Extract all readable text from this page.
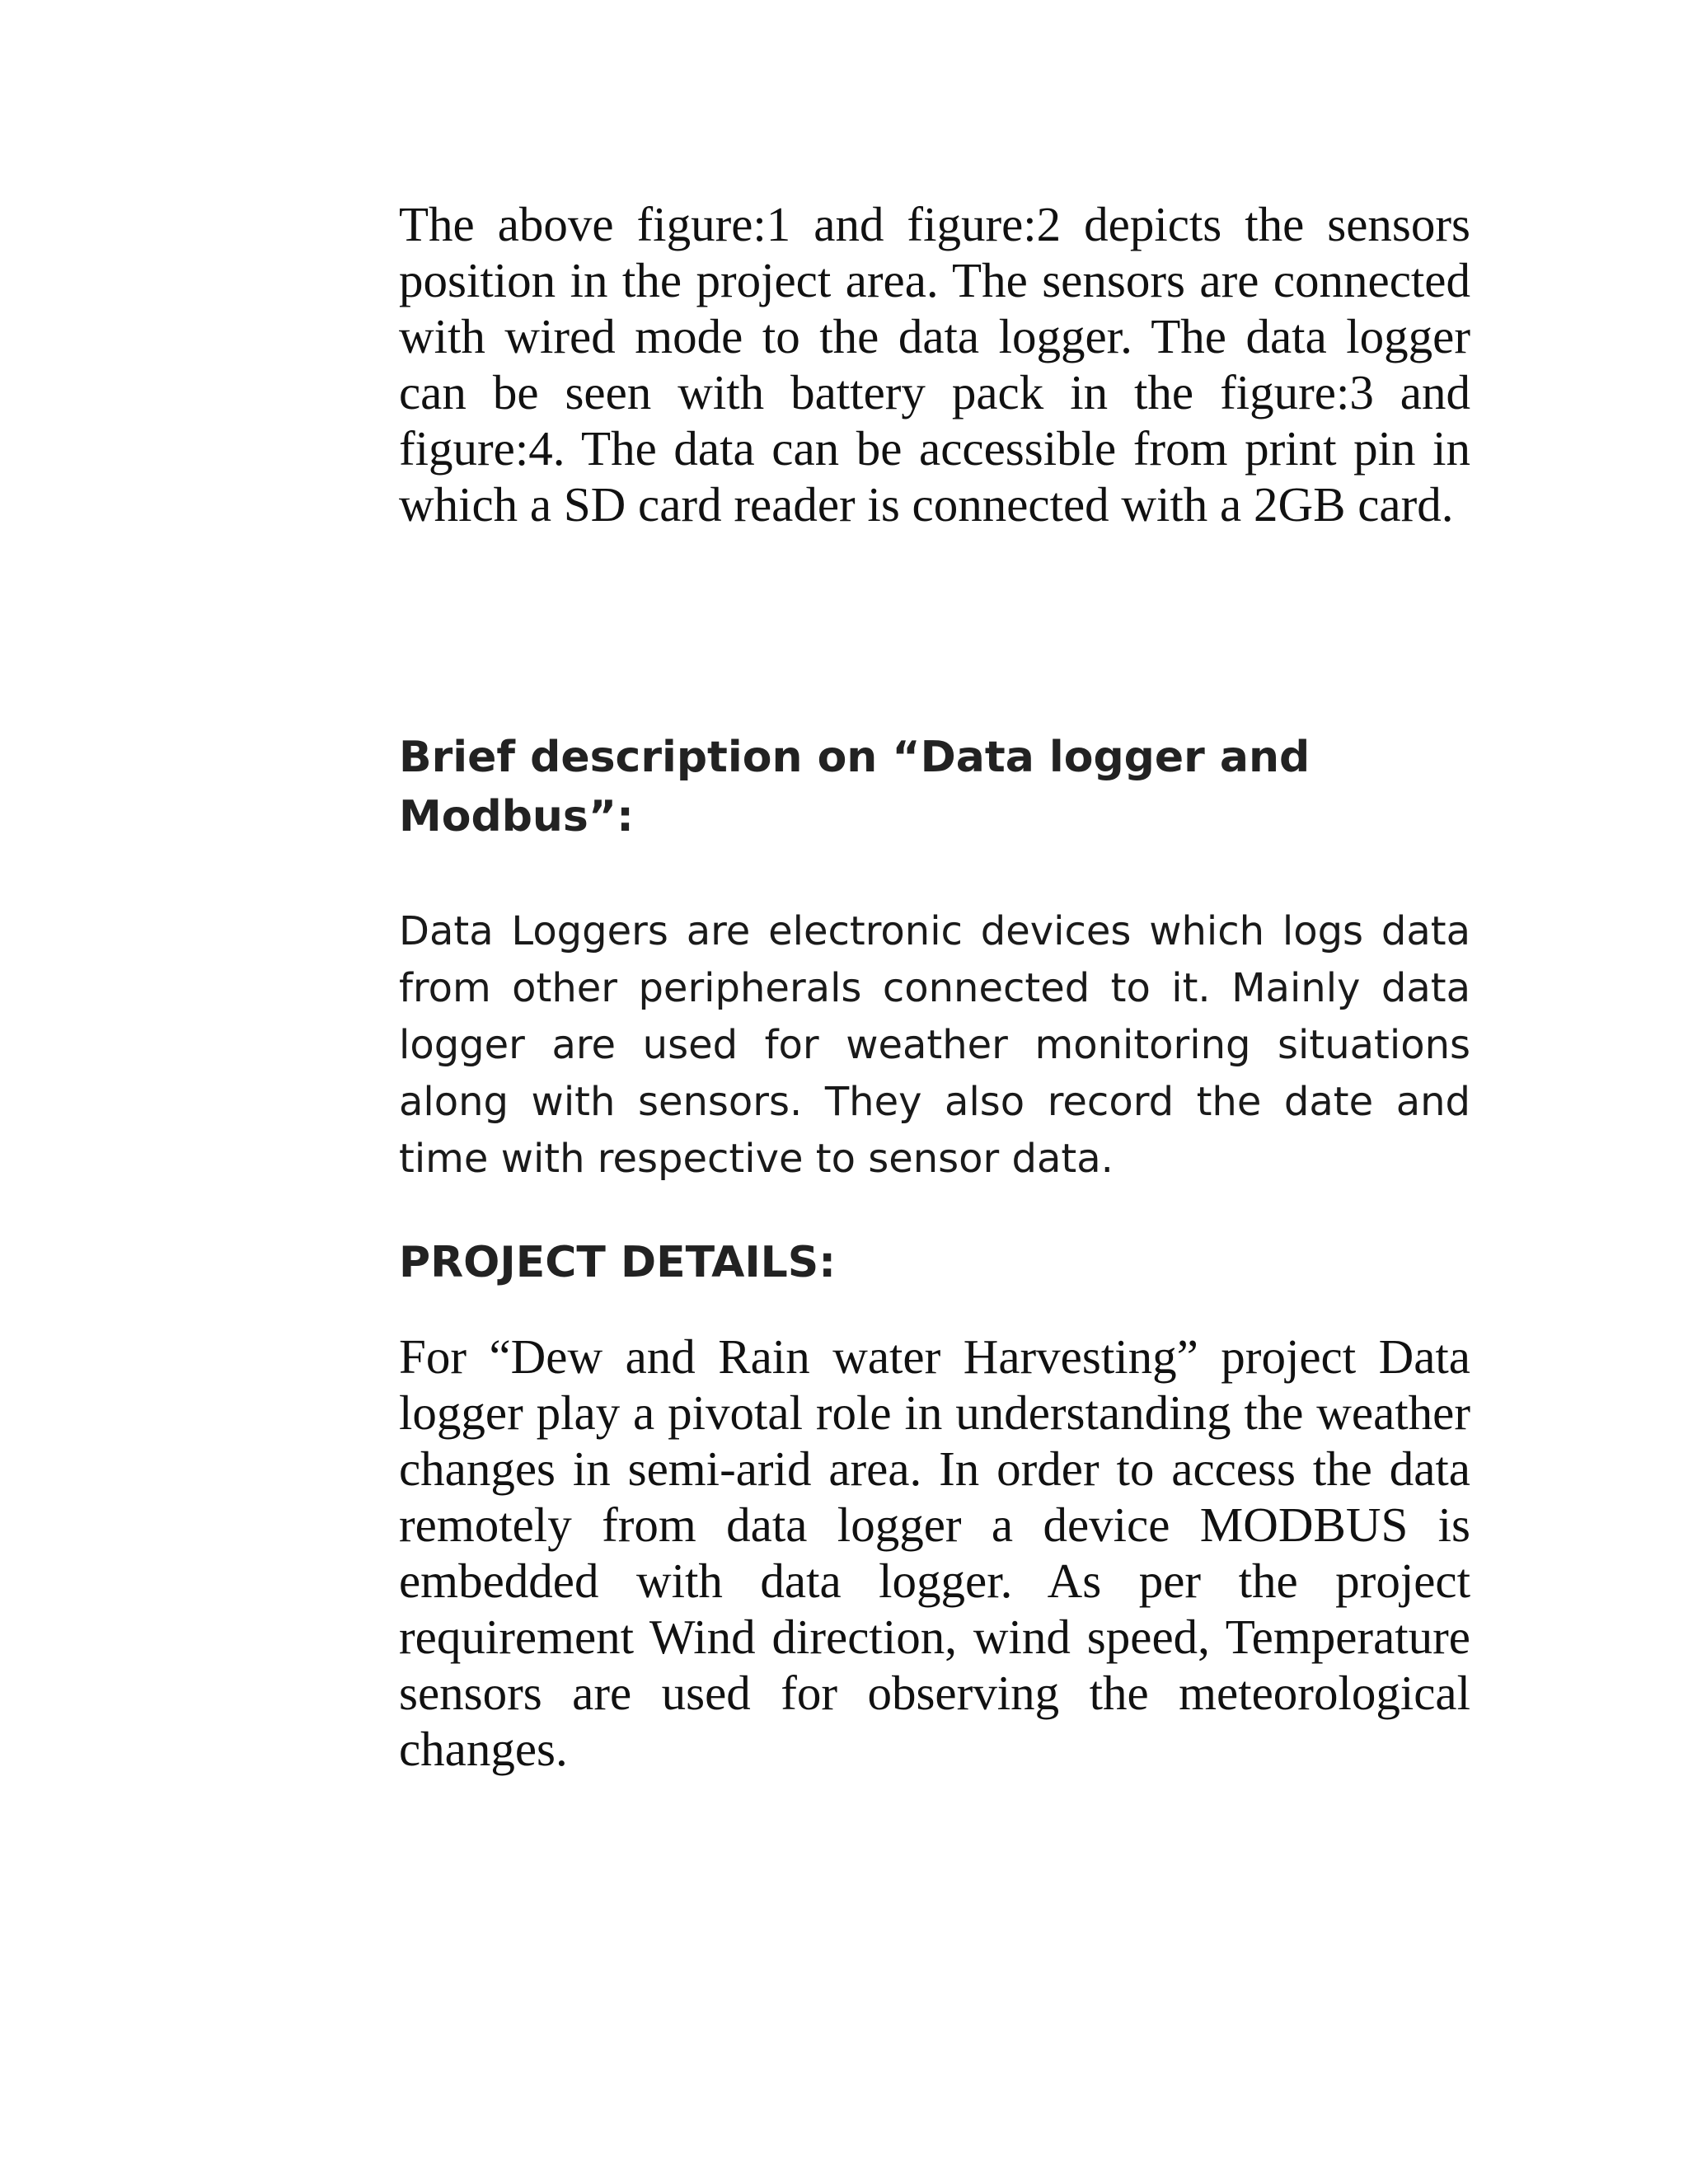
The above figure:1 and figure:2 depicts the sensors position in the project area. The sensors are connected with wired mode to the data logger. The data logger can be seen with battery pack in the figure:3 and figure:4. The data can be accessible from print pin in which a SD card reader is connected with a 2GB card.

Brief description on “Data logger and Modbus”:

Data Loggers are electronic devices which logs data from other peripherals connected to it. Mainly data logger are used for weather monitoring situations along with sensors. They also record the date and time with respective to sensor data.

PROJECT DETAILS:

For “Dew and Rain water Harvesting” project Data logger play a pivotal role in understanding the weather changes in semi-arid area. In order to access the data remotely from data logger a device MODBUS is embedded with data logger. As per the project requirement Wind direction, wind speed, Temperature sensors are used for observing the meteorological changes.
